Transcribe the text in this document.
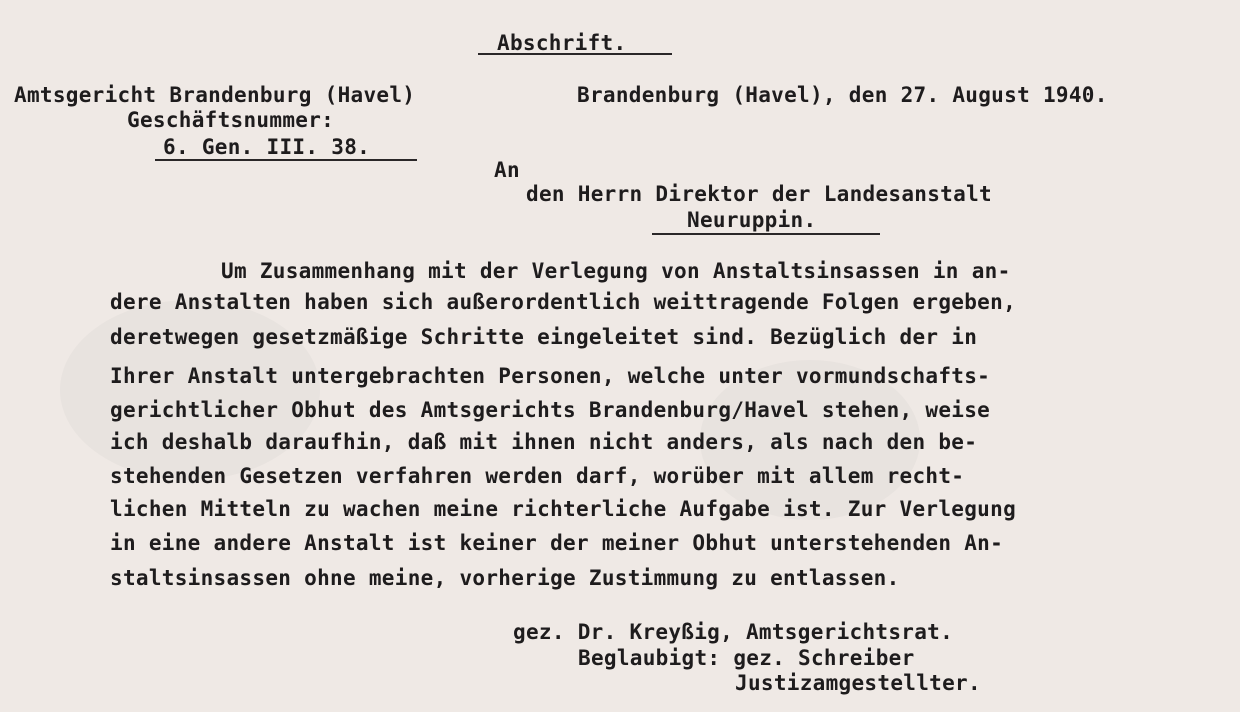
Abschrift.
Amtsgericht Brandenburg (Havel)
Geschäftsnummer:
6. Gen. III. 38.
Brandenburg (Havel), den 27. August 1940.
An
den Herrn Direktor der Landesanstalt
Neuruppin.
Um Zusammenhang mit der Verlegung von Anstaltsinsassen in an-
dere Anstalten haben sich außerordentlich weittragende Folgen ergeben,
deretwegen gesetzmäßige Schritte eingeleitet sind. Bezüglich der in
Ihrer Anstalt untergebrachten Personen, welche unter vormundschafts-
gerichtlicher Obhut des Amtsgerichts Brandenburg/Havel stehen, weise
ich deshalb daraufhin, daß mit ihnen nicht anders, als nach den be-
stehenden Gesetzen verfahren werden darf, worüber mit allem recht-
lichen Mitteln zu wachen meine richterliche Aufgabe ist. Zur Verlegung
in eine andere Anstalt ist keiner der meiner Obhut unterstehenden An-
staltsinsassen ohne meine, vorherige Zustimmung zu entlassen.
gez. Dr. Kreyßig, Amtsgerichtsrat.
Beglaubigt: gez. Schreiber
Justizamgestellter.
